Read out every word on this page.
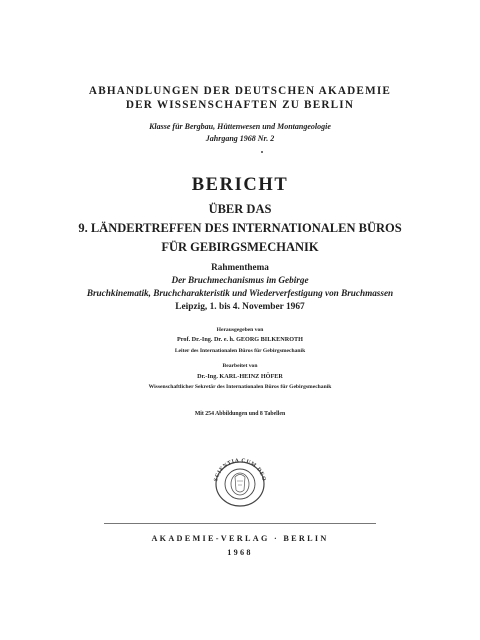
ABHANDLUNGEN DER DEUTSCHEN AKADEMIE
DER WISSENSCHAFTEN ZU BERLIN
Klasse für Bergbau, Hüttenwesen und Montangeologie
Jahrgang 1968 Nr. 2
BERICHT
ÜBER DAS
9. LÄNDERTREFFEN DES INTERNATIONALEN BÜROS
FÜR GEBIRGSMECHANIK
Rahmenthema
Der Bruchmechanismus im Gebirge
Bruchkinematik, Bruchcharakteristik und Wiederverfestigung von Bruchmassen
Leipzig, 1. bis 4. November 1967
Herausgegeben von
Prof. Dr.-Ing. Dr. e. h. GEORG BILKENROTH
Leiter des Internationalen Büros für Gebirgsmechanik
Bearbeitet von
Dr.-Ing. KARL-HEINZ HÖFER
Wissenschaftlicher Sekretär des Internationalen Büros für Gebirgsmechanik
Mit 254 Abbildungen und 8 Tabellen
SCIENTIA CUM DEO
AKADEMIE-VERLAG · BERLIN
1968
